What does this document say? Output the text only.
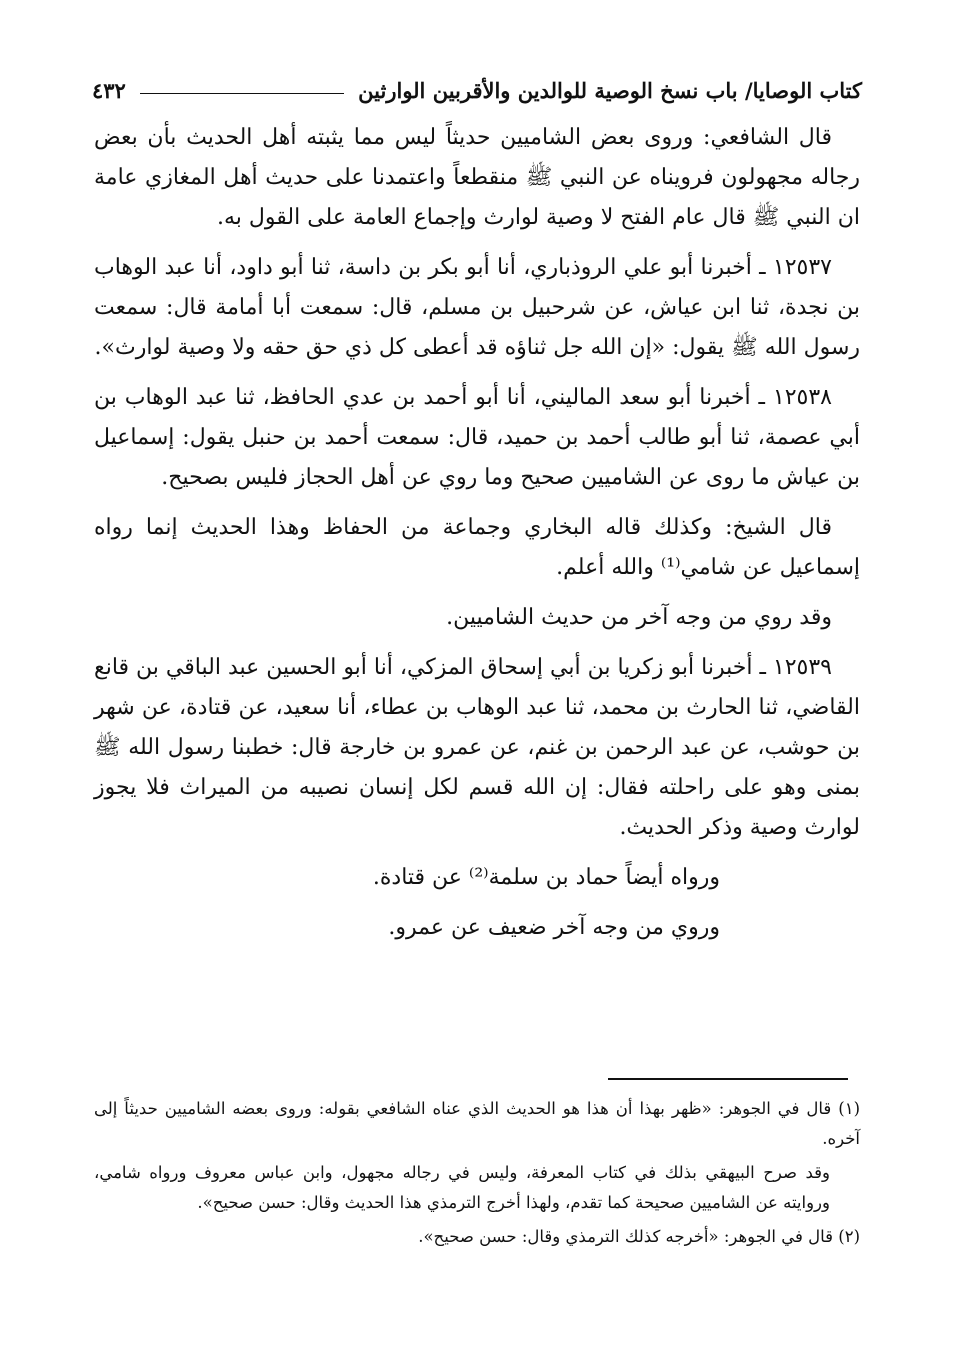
كتاب الوصايا/ باب نسخ الوصية للوالدين والأقربين الوارثين
٤٣٢

قال الشافعي: وروى بعض الشاميين حديثاً ليس مما يثبته أهل الحديث بأن بعض رجاله مجهولون فرويناه عن النبي ﷺ منقطعاً واعتمدنا على حديث أهل المغازي عامة ان النبي ﷺ قال عام الفتح لا وصية لوارث وإجماع العامة على القول به.

١٢٥٣٧ ـ أخبرنا أبو علي الروذباري، أنا أبو بكر بن داسة، ثنا أبو داود، أنا عبد الوهاب بن نجدة، ثنا ابن عياش، عن شرحبيل بن مسلم، قال: سمعت أبا أمامة قال: سمعت رسول الله ﷺ يقول: «إن الله جل ثناؤه قد أعطى كل ذي حق حقه ولا وصية لوارث».

١٢٥٣٨ ـ أخبرنا أبو سعد الماليني، أنا أبو أحمد بن عدي الحافظ، ثنا عبد الوهاب بن أبي عصمة، ثنا أبو طالب أحمد بن حميد، قال: سمعت أحمد بن حنبل يقول: إسماعيل بن عياش ما روى عن الشاميين صحيح وما روي عن أهل الحجاز فليس بصحيح.

قال الشيخ: وكذلك قاله البخاري وجماعة من الحفاظ وهذا الحديث إنما رواه إسماعيل عن شامي⁽¹⁾ والله أعلم.

وقد روي من وجه آخر من حديث الشاميين.

١٢٥٣٩ ـ أخبرنا أبو زكريا بن أبي إسحاق المزكي، أنا أبو الحسين عبد الباقي بن قانع القاضي، ثنا الحارث بن محمد، ثنا عبد الوهاب بن عطاء، أنا سعيد، عن قتادة، عن شهر بن حوشب، عن عبد الرحمن بن غنم، عن عمرو بن خارجة قال: خطبنا رسول الله ﷺ بمنى وهو على راحلته فقال: إن الله قسم لكل إنسان نصيبه من الميراث فلا يجوز لوارث وصية وذكر الحديث.

ورواه أيضاً حماد بن سلمة⁽²⁾ عن قتادة.

وروي من وجه آخر ضعيف عن عمرو.

(١) قال في الجوهر: «ظهر بهذا أن هذا هو الحديث الذي عناه الشافعي بقوله: وروى بعضه الشاميين حديثاً إلى آخره.

وقد صرح البيهقي بذلك في كتاب المعرفة، وليس في رجاله مجهول، وابن عباس معروف ورواه شامي، وروايته عن الشاميين صحيحة كما تقدم، ولهذا أخرج الترمذي هذا الحديث وقال: حسن صحيح».

(٢) قال في الجوهر: «أخرجه كذلك الترمذي وقال: حسن صحيح».
